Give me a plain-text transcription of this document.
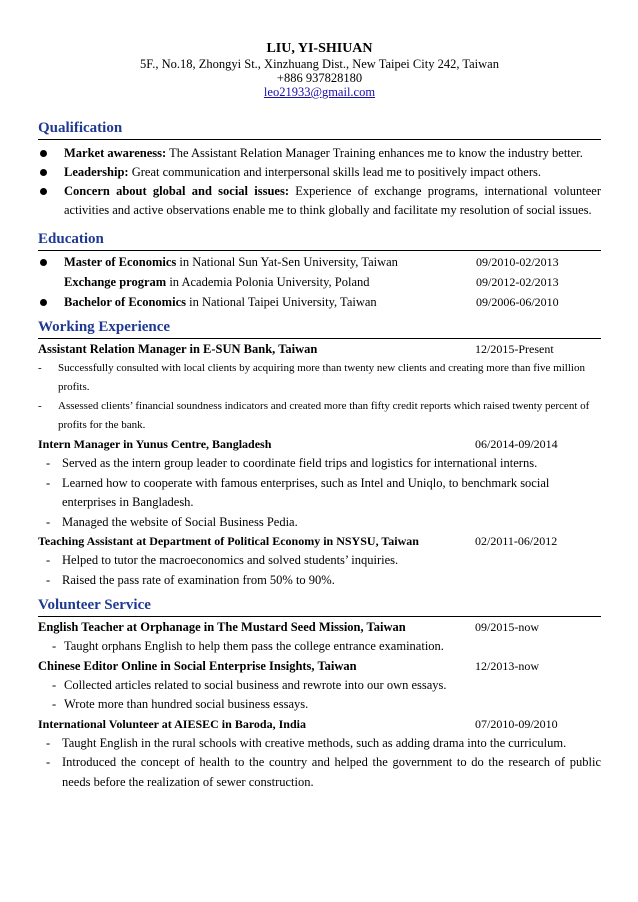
LIU, YI-SHIUAN
5F., No.18, Zhongyi St., Xinzhuang Dist., New Taipei City 242, Taiwan
+886 937828180
leo21933@gmail.com
Qualification
Market awareness: The Assistant Relation Manager Training enhances me to know the industry better.
Leadership: Great communication and interpersonal skills lead me to positively impact others.
Concern about global and social issues: Experience of exchange programs, international volunteer activities and active observations enable me to think globally and facilitate my resolution of social issues.
Education
Master of Economics in National Sun Yat-Sen University, Taiwan	09/2010-02/2013
Exchange program in Academia Polonia University, Poland	09/2012-02/2013
Bachelor of Economics in National Taipei University, Taiwan	09/2006-06/2010
Working Experience
Assistant Relation Manager in E-SUN Bank, Taiwan	12/2015-Present
- Successfully consulted with local clients by acquiring more than twenty new clients and creating more than five million profits.
- Assessed clients’ financial soundness indicators and created more than fifty credit reports which raised twenty percent of profits for the bank.
Intern Manager in Yunus Centre, Bangladesh	06/2014-09/2014
- Served as the intern group leader to coordinate field trips and logistics for international interns.
- Learned how to cooperate with famous enterprises, such as Intel and Uniqlo, to benchmark social enterprises in Bangladesh.
- Managed the website of Social Business Pedia.
Teaching Assistant at Department of Political Economy in NSYSU, Taiwan	02/2011-06/2012
- Helped to tutor the macroeconomics and solved students’ inquiries.
- Raised the pass rate of examination from 50% to 90%.
Volunteer Service
English Teacher at Orphanage in The Mustard Seed Mission, Taiwan	09/2015-now
- Taught orphans English to help them pass the college entrance examination.
Chinese Editor Online in Social Enterprise Insights, Taiwan	12/2013-now
- Collected articles related to social business and rewrote into our own essays.
- Wrote more than hundred social business essays.
International Volunteer at AIESEC in Baroda, India	07/2010-09/2010
- Taught English in the rural schools with creative methods, such as adding drama into the curriculum.
- Introduced the concept of health to the country and helped the government to do the research of public needs before the realization of sewer construction.
